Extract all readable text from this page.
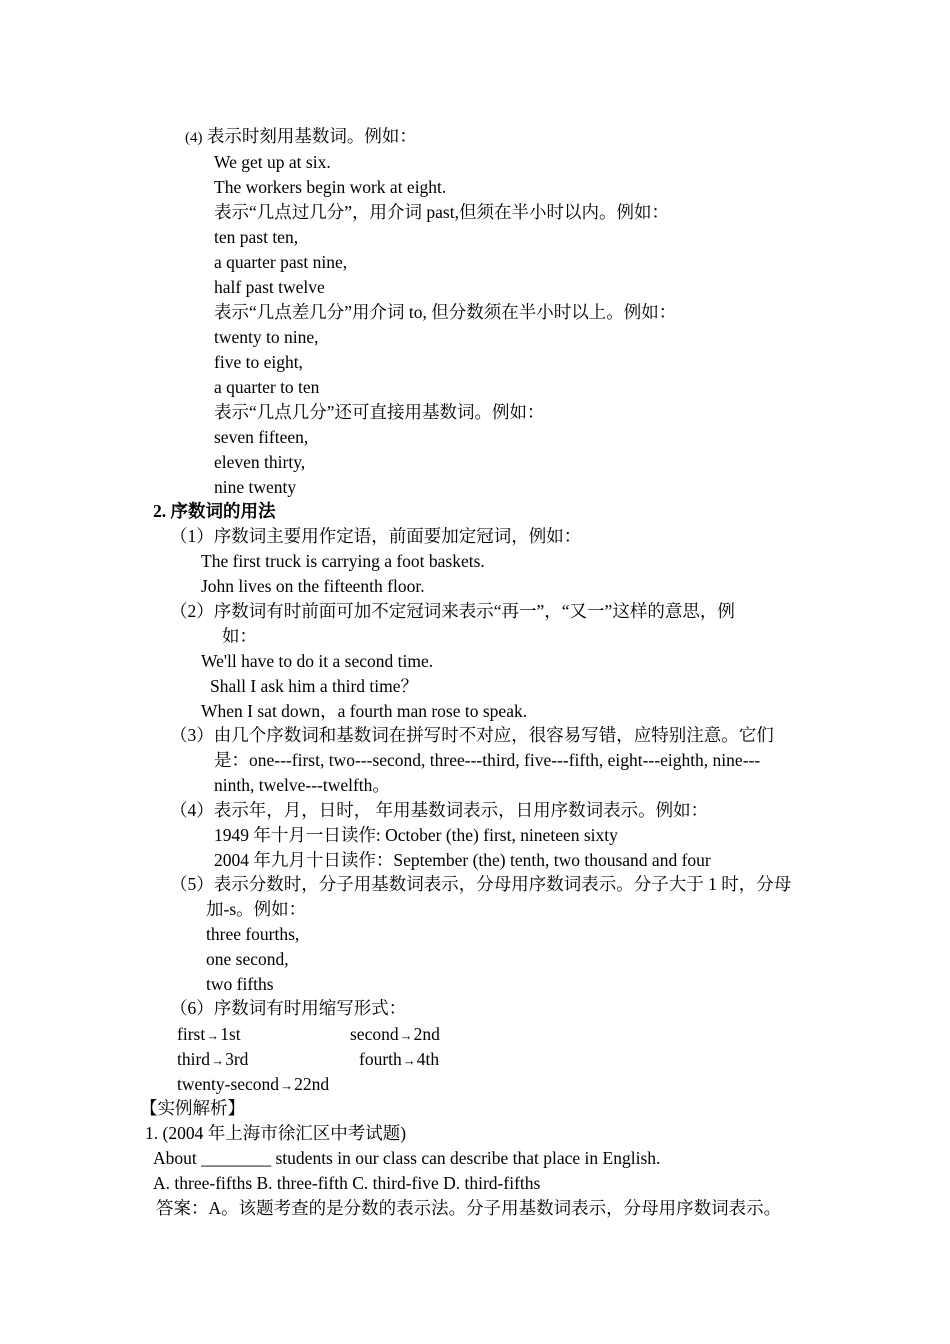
(4) 表示时刻用基数词。例如：
We get up at six.
The workers begin work at eight.
表示“几点过几分”，用介词 past,但须在半小时以内。例如：
ten past ten,
a quarter past nine,
half past twelve
表示“几点差几分”用介词 to, 但分数须在半小时以上。例如：
twenty to nine,
five to eight,
a quarter to ten
表示“几点几分”还可直接用基数词。例如：
seven fifteen,
eleven thirty,
nine twenty
2. 序数词的用法
（1）序数词主要用作定语，前面要加定冠词，例如：
The first truck is carrying a foot baskets.
John lives on the fifteenth floor.
（2）序数词有时前面可加不定冠词来表示“再一”，“又一”这样的意思，例
如：
We'll have to do it a second time.
Shall I ask him a third time？
When I sat down，a fourth man rose to speak.
（3）由几个序数词和基数词在拼写时不对应，很容易写错，应特别注意。它们
是：one---first, two---second, three---third, five---fifth, eight---eighth, nine---
ninth, twelve---twelfth。
（4）表示年，月，日时， 年用基数词表示，日用序数词表示。例如：
1949 年十月一日读作: October (the) first, nineteen sixty
2004 年九月十日读作：September (the) tenth, two thousand and four
（5）表示分数时，分子用基数词表示，分母用序数词表示。分子大于 1 时，分母
加-s。例如：
three fourths,
one second,
two fifths
（6）序数词有时用缩写形式：
first→1st	second→2nd
third→3rd	fourth→4th
twenty-second→22nd
【实例解析】
1. (2004 年上海市徐汇区中考试题)
About ________ students in our class can describe that place in English.
A. three-fifths B. three-fifth C. third-five D. third-fifths
答案：A。该题考查的是分数的表示法。分子用基数词表示，分母用序数词表示。
